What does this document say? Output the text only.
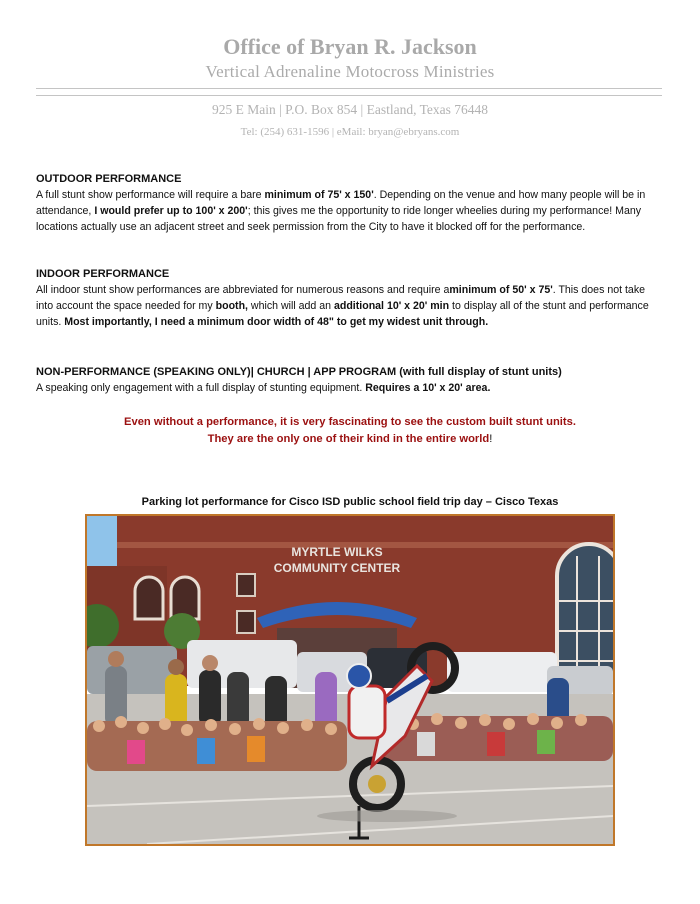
Office of Bryan R. Jackson
Vertical Adrenaline Motocross Ministries
925 E Main | P.O. Box 854 | Eastland, Texas 76448
Tel: (254) 631-1596 | eMail: bryan@ebryans.com

OUTDOOR PERFORMANCE

A full stunt show performance will require a bare minimum of 75' x 150'. Depending on the venue and how many people will be in attendance, I would prefer up to 100' x 200'; this gives me the opportunity to ride longer wheelies during my performance! Many locations actually use an adjacent street and seek permission from the City to have it blocked off for the performance.

INDOOR PERFORMANCE

All indoor stunt show performances are abbreviated for numerous reasons and require aminimum of 50' x 75'. This does not take into account the space needed for my booth, which will add an additional 10' x 20' min to display all of the stunt and performance units. Most importantly, I need a minimum door width of 48" to get my widest unit through.

NON-PERFORMANCE (SPEAKING ONLY)| CHURCH | APP PROGRAM (with full display of stunt units)

A speaking only engagement with a full display of stunting equipment. Requires a 10' x 20' area.

Even without a performance, it is very fascinating to see the custom built stunt units.
They are the only one of their kind in the entire world!
Parking lot performance for Cisco ISD public school field trip day – Cisco Texas
MYRTLE WILKS
COMMUNITY CENTER
